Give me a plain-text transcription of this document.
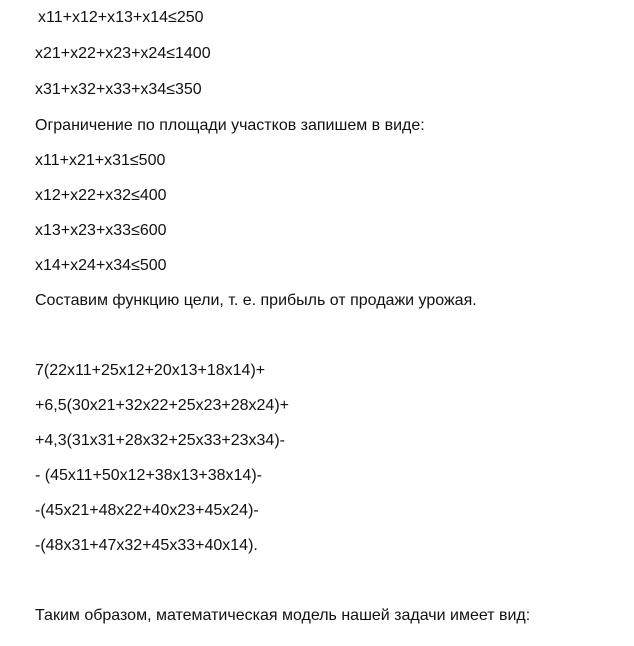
x11+x12+x13+x14≤250
x21+x22+x23+x24≤1400
x31+x32+x33+x34≤350
Ограничение по площади участков запишем в виде:
x11+x21+x31≤500
x12+x22+x32≤400
x13+x23+x33≤600
x14+x24+x34≤500
Составим функцию цели, т. е. прибыль от продажи урожая.
7(22x11+25x12+20x13+18x14)+
+6,5(30x21+32x22+25x23+28x24)+
+4,3(31x31+28x32+25x33+23x34)-
- (45x11+50x12+38x13+38x14)-
-(45x21+48x22+40x23+45x24)-
-(48x31+47x32+45x33+40x14).
Таким образом, математическая модель нашей задачи имеет вид:
